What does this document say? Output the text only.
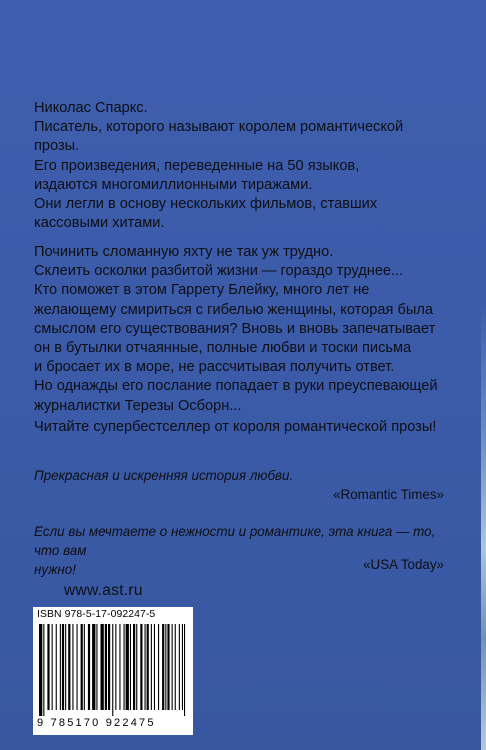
Николас Спаркс.

Писатель, которого называют королем романтической

прозы.

Его произведения, переведенные на 50 языков,

издаются многомиллионными тиражами.

Они легли в основу нескольких фильмов, ставших

кассовыми хитами.

Починить сломанную яхту не так уж трудно.

Склеить осколки разбитой жизни — гораздо труднее...

Кто поможет в этом Гаррету Блейку, много лет не

желающему смириться с гибелью женщины, которая была

смыслом его существования? Вновь и вновь запечатывает

он в бутылки отчаянные, полные любви и тоски письма

и бросает их в море, не рассчитывая получить ответ.

Но однажды его послание попадает в руки преуспевающей

журналистки Терезы Осборн...

Читайте супербестселлер от короля романтической прозы!

Прекрасная и искренняя история любви.
«Romantic Times»
Если вы мечтаете о нежности и романтике, эта книга — то, что вам
нужно!	«USA Today»
www.ast.ru
ISBN 978-5-17-092247-5
9 785170 922475
